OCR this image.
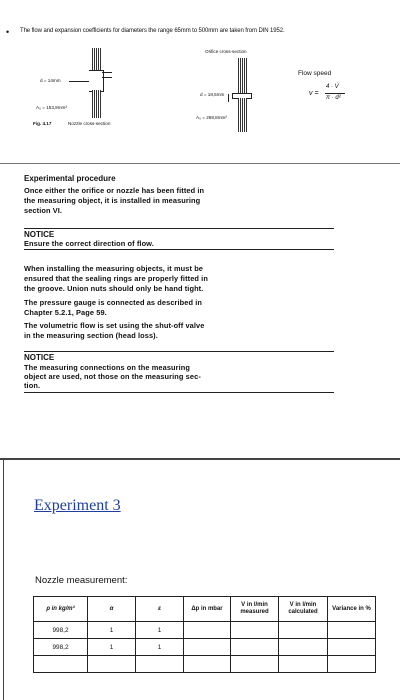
• The flow and expansion coefficients for diameters the range 65mm to 500mm are taken from DIN 1952.
d = 14mm
A₀ = 153,9mm²
Fig. 4.17	Nozzle cross-section
Orifice cross-section
d = 18,5mm
A₀ = 268,8mm²
Flow speed
v =
4 · V̇
π · d²
Experimental procedure
Once either the orifice or nozzle has been fitted in
the measuring object, it is installed in measuring
section VI.
NOTICE
Ensure the correct direction of flow.
When installing the measuring objects, it must be
ensured that the sealing rings are properly fitted in
the groove. Union nuts should only be hand tight.
The pressure gauge is connected as described in
Chapter 5.2.1, Page 59.
The volumetric flow is set using the shut-off valve
in the measuring section (head loss).
NOTICE
The measuring connections on the measuring
object are used, not those on the measuring sec-
tion.
Experiment 3
Nozzle measurement:
ρ in kg/m³	α	ε	Δp in mbar	V in l/min measured	V in l/min calculated	Variance in %
998,2	1	1				
998,2	1	1				
